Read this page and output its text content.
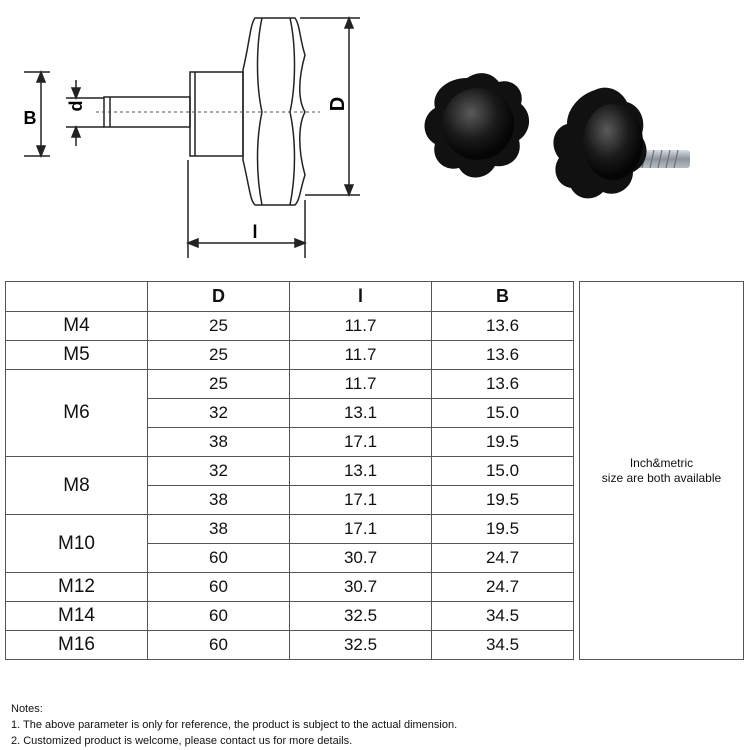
B
d	D
l
	D	l	B
M4	25	11.7	13.6
M5	25	11.7	13.6
M6	25	11.7	13.6
	32	13.1	15.0
	38	17.1	19.5
M8	32	13.1	15.0
	38	17.1	19.5
M10	38	17.1	19.5
	60	30.7	24.7
M12	60	30.7	24.7
M14	60	32.5	34.5
M16	60	32.5	34.5
Inch&metric
size are both available
Notes:
1. The above parameter is only for reference, the product is subject to the actual dimension.
2. Customized product is welcome, please contact us for more details.
